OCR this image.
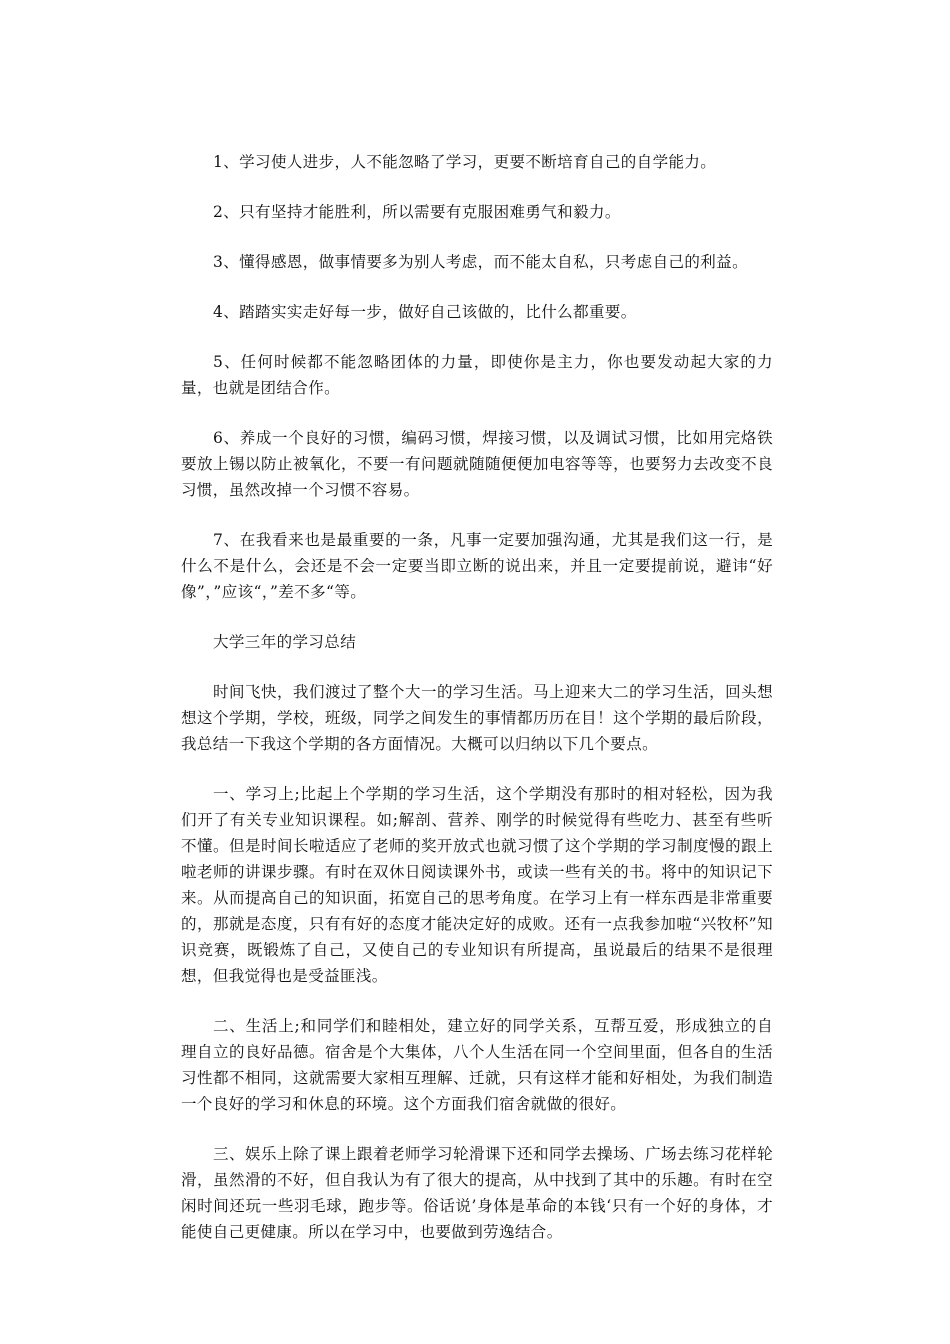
1、学习使人进步，人不能忽略了学习，更要不断培育自己的自学能力。

2、只有坚持才能胜利，所以需要有克服困难勇气和毅力。

3、懂得感恩，做事情要多为别人考虑，而不能太自私，只考虑自己的利益。

4、踏踏实实走好每一步，做好自己该做的，比什么都重要。

5、任何时候都不能忽略团体的力量，即使你是主力，你也要发动起大家的力量，也就是团结合作。

6、养成一个良好的习惯，编码习惯，焊接习惯，以及调试习惯，比如用完烙铁要放上锡以防止被氧化，不要一有问题就随随便便加电容等等，也要努力去改变不良习惯，虽然改掉一个习惯不容易。

7、在我看来也是最重要的一条，凡事一定要加强沟通，尤其是我们这一行，是什么不是什么，会还是不会一定要当即立断的说出来，并且一定要提前说，避讳“好像”，”应该“，”差不多“等。

大学三年的学习总结

时间飞快，我们渡过了整个大一的学习生活。马上迎来大二的学习生活，回头想想这个学期，学校，班级，同学之间发生的事情都历历在目！这个学期的最后阶段，我总结一下我这个学期的各方面情况。大概可以归纳以下几个要点。

一、学习上;比起上个学期的学习生活，这个学期没有那时的相对轻松，因为我们开了有关专业知识课程。如;解剖、营养、刚学的时候觉得有些吃力、甚至有些听不懂。但是时间长啦适应了老师的奖开放式也就习惯了这个学期的学习制度慢的跟上啦老师的讲课步骤。有时在双休日阅读课外书，或读一些有关的书。将中的知识记下来。从而提高自己的知识面，拓宽自己的思考角度。在学习上有一样东西是非常重要的，那就是态度，只有有好的态度才能决定好的成败。还有一点我参加啦“兴牧杯”知识竞赛，既锻炼了自己，又使自己的专业知识有所提高，虽说最后的结果不是很理想，但我觉得也是受益匪浅。

二、生活上;和同学们和睦相处，建立好的同学关系，互帮互爱，形成独立的自理自立的良好品德。宿舍是个大集体，八个人生活在同一个空间里面，但各自的生活习性都不相同，这就需要大家相互理解、迁就，只有这样才能和好相处，为我们制造一个良好的学习和休息的环境。这个方面我们宿舍就做的很好。

三、娱乐上除了课上跟着老师学习轮滑课下还和同学去操场、广场去练习花样轮滑，虽然滑的不好，但自我认为有了很大的提高，从中找到了其中的乐趣。有时在空闲时间还玩一些羽毛球，跑步等。俗话说’身体是革命的本钱‘只有一个好的身体，才能使自己更健康。所以在学习中，也要做到劳逸结合。
